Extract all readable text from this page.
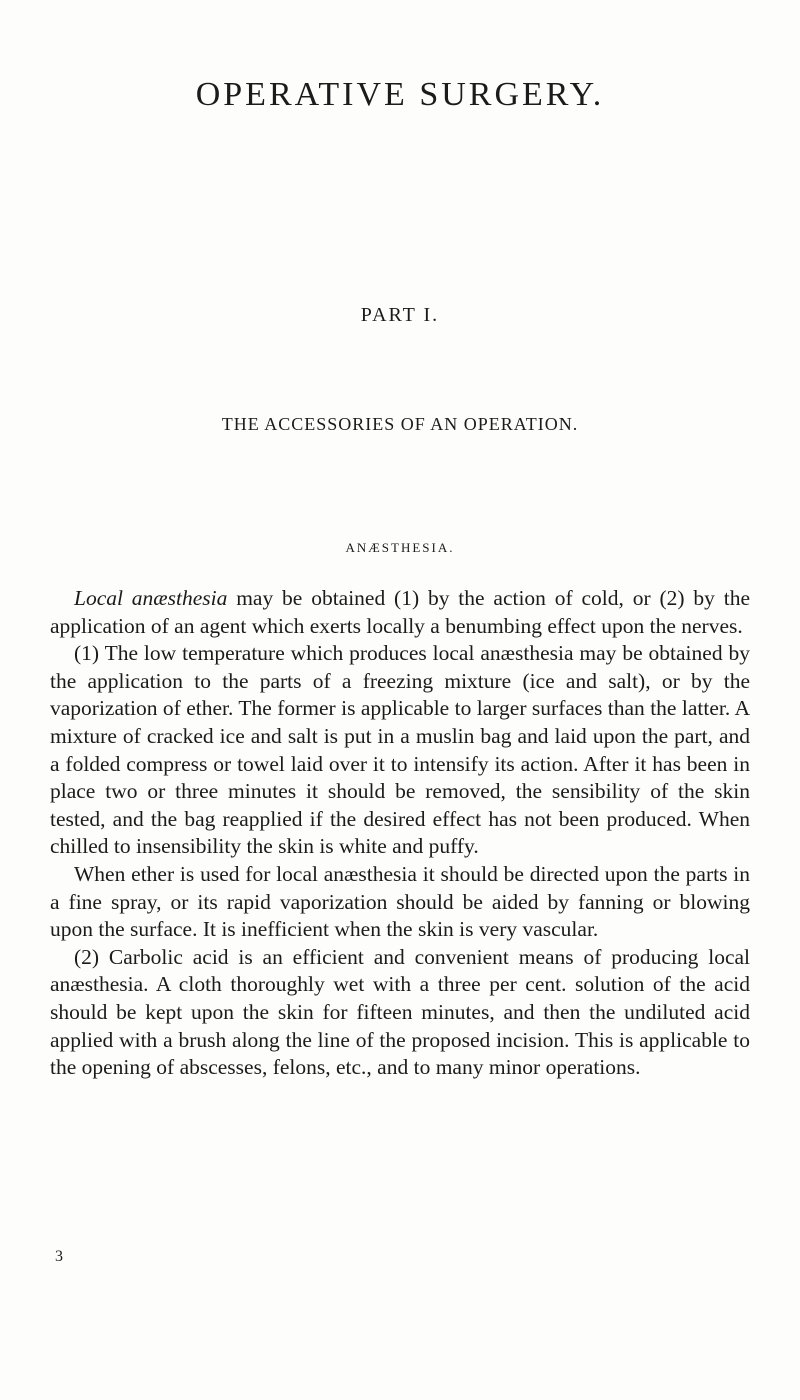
OPERATIVE SURGERY.
PART I.
THE ACCESSORIES OF AN OPERATION.
ANÆSTHESIA.

Local anæsthesia may be obtained (1) by the action of cold, or (2) by the application of an agent which exerts locally a benumbing effect upon the nerves.

(1) The low temperature which produces local anæsthesia may be obtained by the application to the parts of a freezing mixture (ice and salt), or by the vaporization of ether. The former is applicable to larger surfaces than the latter. A mixture of cracked ice and salt is put in a muslin bag and laid upon the part, and a folded compress or towel laid over it to intensify its action. After it has been in place two or three minutes it should be removed, the sensibility of the skin tested, and the bag reapplied if the desired effect has not been produced. When chilled to insensibility the skin is white and puffy.

When ether is used for local anæsthesia it should be directed upon the parts in a fine spray, or its rapid vaporization should be aided by fanning or blowing upon the surface. It is inefficient when the skin is very vascular.

(2) Carbolic acid is an efficient and convenient means of producing local anæsthesia. A cloth thoroughly wet with a three per cent. solution of the acid should be kept upon the skin for fifteen minutes, and then the undiluted acid applied with a brush along the line of the proposed incision. This is applicable to the opening of abscesses, felons, etc., and to many minor operations.

3
